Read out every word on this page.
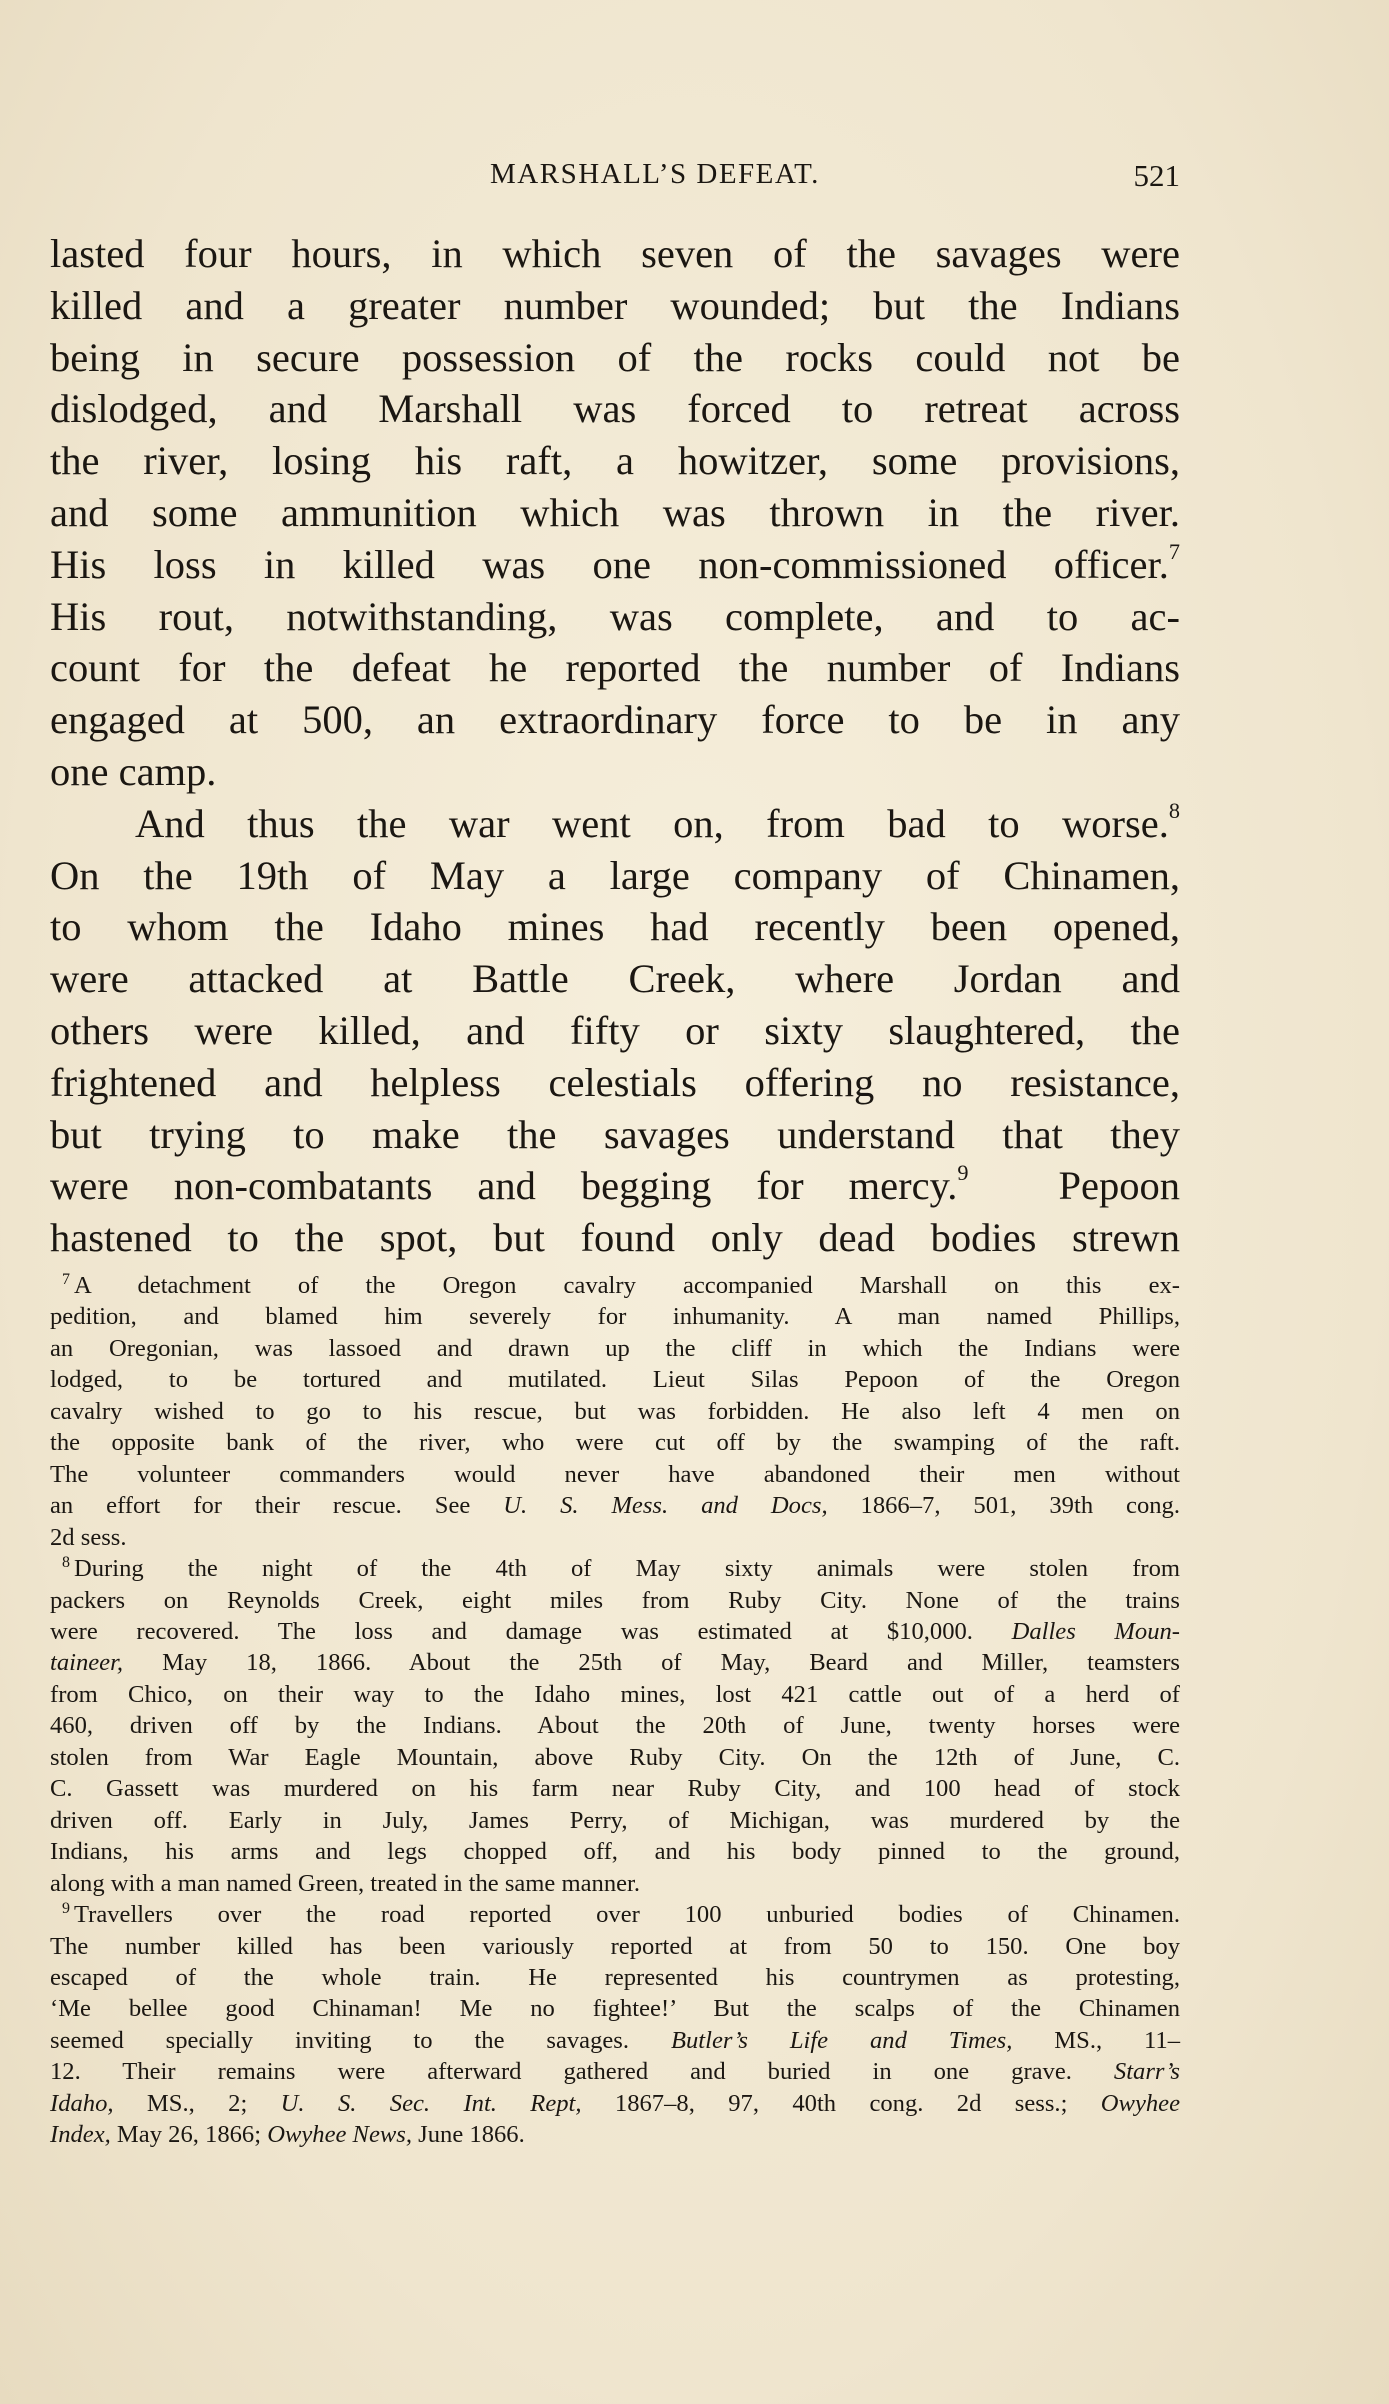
MARSHALL’S DEFEAT.	521
lasted four hours, in which seven of the savages were
killed and a greater number wounded; but the Indians
being in secure possession of the rocks could not be
dislodged, and Marshall was forced to retreat across
the river, losing his raft, a howitzer, some provisions,
and some ammunition which was thrown in the river.
His loss in killed was one non-commissioned officer.$^7$
His rout, notwithstanding, was complete, and to ac-
count for the defeat he reported the number of Indians
engaged at 500, an extraordinary force to be in any
one camp.
And thus the war went on, from bad to worse.$^8$
On the 19th of May a large company of Chinamen,
to whom the Idaho mines had recently been opened,
were attacked at Battle Creek, where Jordan and
others were killed, and fifty or sixty slaughtered, the
frightened and helpless celestials offering no resistance,
but trying to make the savages understand that they
were non-combatants and begging for mercy.$^9$ Pepoon
hastened to the spot, but found only dead bodies strewn
$^7$ A detachment of the Oregon cavalry accompanied Marshall on this ex-
pedition, and blamed him severely for inhumanity. A man named Phillips,
an Oregonian, was lassoed and drawn up the cliff in which the Indians were
lodged, to be tortured and mutilated. Lieut Silas Pepoon of the Oregon
cavalry wished to go to his rescue, but was forbidden. He also left 4 men on
the opposite bank of the river, who were cut off by the swamping of the raft.
The volunteer commanders would never have abandoned their men without
an effort for their rescue. See U. S. Mess. and Docs, 1866–7, 501, 39th cong.
2d sess.
$^8$ During the night of the 4th of May sixty animals were stolen from
packers on Reynolds Creek, eight miles from Ruby City. None of the trains
were recovered. The loss and damage was estimated at $10,000. Dalles Moun-
taineer, May 18, 1866. About the 25th of May, Beard and Miller, teamsters
from Chico, on their way to the Idaho mines, lost 421 cattle out of a herd of
460, driven off by the Indians. About the 20th of June, twenty horses were
stolen from War Eagle Mountain, above Ruby City. On the 12th of June, C.
C. Gassett was murdered on his farm near Ruby City, and 100 head of stock
driven off. Early in July, James Perry, of Michigan, was murdered by the
Indians, his arms and legs chopped off, and his body pinned to the ground,
along with a man named Green, treated in the same manner.
$^9$ Travellers over the road reported over 100 unburied bodies of Chinamen.
The number killed has been variously reported at from 50 to 150. One boy
escaped of the whole train. He represented his countrymen as protesting,
‘Me bellee good Chinaman! Me no fightee!’ But the scalps of the Chinamen
seemed specially inviting to the savages. Butler’s Life and Times, MS., 11–
12. Their remains were afterward gathered and buried in one grave. Starr’s
Idaho, MS., 2; U. S. Sec. Int. Rept, 1867–8, 97, 40th cong. 2d sess.; Owyhee
Index, May 26, 1866; Owyhee News, June 1866.
